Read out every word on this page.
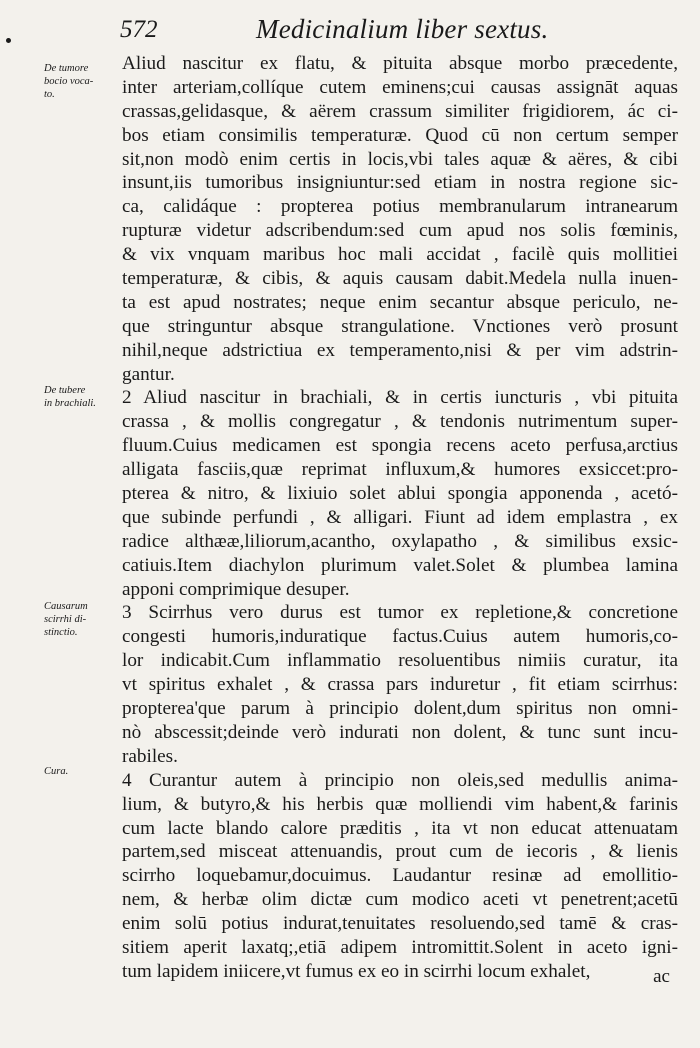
572	Medicinalium liber sextus.
De tumore
bocio voca-
to.
De tubere
in brachiali.
Causarum
scirrhi di-
stinctio.
Cura.
Aliud nascitur ex flatu, & pituita absque morbo præcedente,
inter arteriam,collíque cutem eminens;cui causas assignāt aquas
crassas,gelidasque, & aërem crassum similiter frigidiorem, ác ci-
bos etiam consimilis temperaturæ. Quod cū non certum semper
sit,non modò enim certis in locis,vbi tales aquæ & aëres, & cibi
insunt,iis tumoribus insigniuntur:sed etiam in nostra regione sic-
ca, calidáque : propterea potius membranularum intranearum
rupturæ videtur adscribendum:sed cum apud nos solis fœminis,
& vix vnquam maribus hoc mali accidat , facilè quis mollitiei
temperaturæ, & cibis, & aquis causam dabit.Medela nulla inuen-
ta est apud nostrates; neque enim secantur absque periculo, ne-
que stringuntur absque strangulatione. Vnctiones verò prosunt
nihil,neque adstrictiua ex temperamento,nisi & per vim adstrin-
gantur.
2 Aliud nascitur in brachiali, & in certis iuncturis , vbi pituita
crassa , & mollis congregatur , & tendonis nutrimentum super-
fluum.Cuius medicamen est spongia recens aceto perfusa,arctius
alligata fasciis,quæ reprimat influxum,& humores exsiccet:pro-
pterea & nitro, & lixiuio solet ablui spongia apponenda , acetó-
que subinde perfundi , & alligari. Fiunt ad idem emplastra , ex
radice althææ,liliorum,acantho, oxylapatho , & similibus exsic-
catiuis.Item diachylon plurimum valet.Solet & plumbea lamina
apponi comprimique desuper.
3 Scirrhus vero durus est tumor ex repletione,& concretione
congesti humoris,induratique factus.Cuius autem humoris,co-
lor indicabit.Cum inflammatio resoluentibus nimiis curatur, ita
vt spiritus exhalet , & crassa pars induretur , fit etiam scirrhus:
propterea'que parum à principio dolent,dum spiritus non omni-
nò abscessit;deinde verò indurati non dolent, & tunc sunt incu-
rabiles.
4 Curantur autem à principio non oleis,sed medullis anima-
lium, & butyro,& his herbis quæ molliendi vim habent,& farinis
cum lacte blando calore præditis , ita vt non educat attenuatam
partem,sed misceat attenuandis, prout cum de iecoris , & lienis
scirrho loquebamur,docuimus. Laudantur resinæ ad emollitio-
nem, & herbæ olim dictæ cum modico aceti vt penetrent;acetū
enim solū potius indurat,tenuitates resoluendo,sed tamē & cras-
sitiem aperit laxatq;,etiā adipem intromittit.Solent in aceto igni-
tum lapidem iniicere,vt fumus ex eo in scirrhi locum exhalet,	ac
